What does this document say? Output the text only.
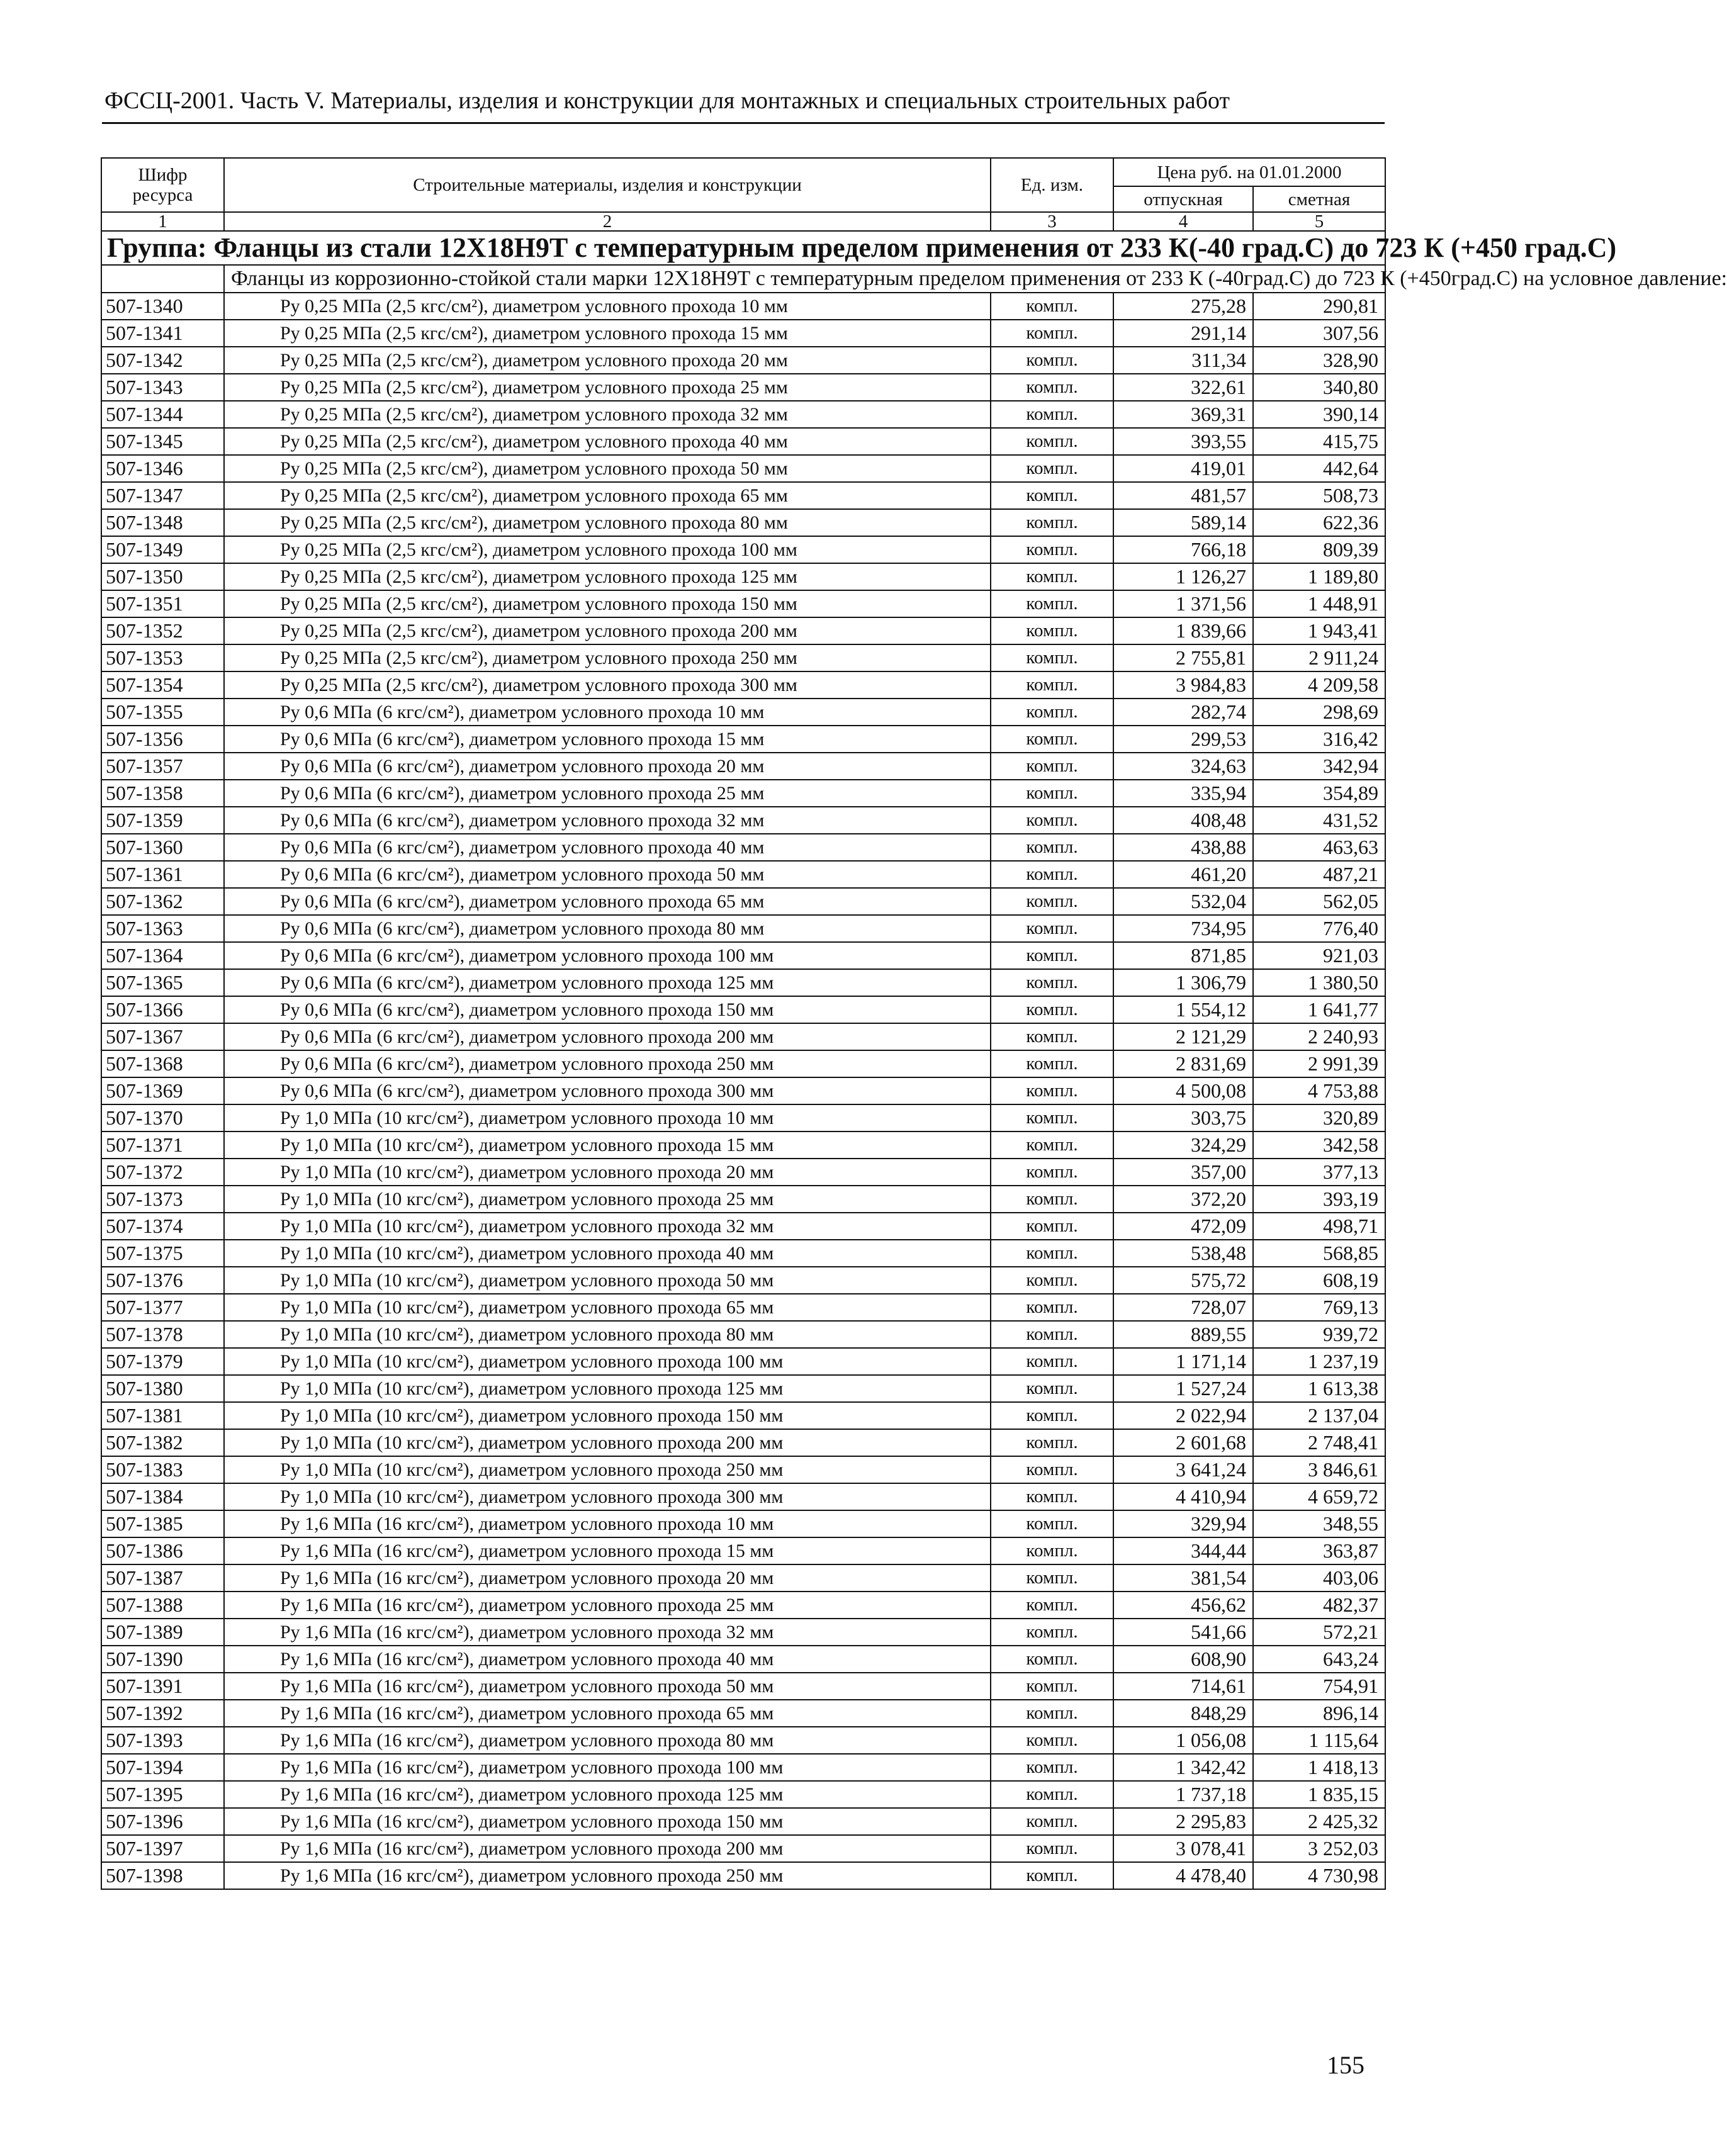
ФССЦ-2001. Часть V. Материалы, изделия и конструкции для монтажных и специальных строительных работ
Шифр ресурса	Строительные материалы, изделия и конструкции	Ед. изм.	Цена руб. на 01.01.2000	
			отпускная	сметная
1	2	3	4	5
Группа: Фланцы из стали 12Х18Н9Т с температурным пределом применения от 233 К(-40 град.С) до 723 К (+450 град.С)				
	Фланцы из коррозионно-стойкой стали марки 12Х18Н9Т с температурным пределом применения от 233 К (-40град.С) до 723 К (+450град.С) на условное давление:			
507-1340	Ру 0,25 МПа (2,5 кгс/см²), диаметром условного прохода 10 мм	компл.	275,28	290,81
507-1341	Ру 0,25 МПа (2,5 кгс/см²), диаметром условного прохода 15 мм	компл.	291,14	307,56
507-1342	Ру 0,25 МПа (2,5 кгс/см²), диаметром условного прохода 20 мм	компл.	311,34	328,90
507-1343	Ру 0,25 МПа (2,5 кгс/см²), диаметром условного прохода 25 мм	компл.	322,61	340,80
507-1344	Ру 0,25 МПа (2,5 кгс/см²), диаметром условного прохода 32 мм	компл.	369,31	390,14
507-1345	Ру 0,25 МПа (2,5 кгс/см²), диаметром условного прохода 40 мм	компл.	393,55	415,75
507-1346	Ру 0,25 МПа (2,5 кгс/см²), диаметром условного прохода 50 мм	компл.	419,01	442,64
507-1347	Ру 0,25 МПа (2,5 кгс/см²), диаметром условного прохода 65 мм	компл.	481,57	508,73
507-1348	Ру 0,25 МПа (2,5 кгс/см²), диаметром условного прохода 80 мм	компл.	589,14	622,36
507-1349	Ру 0,25 МПа (2,5 кгс/см²), диаметром условного прохода 100 мм	компл.	766,18	809,39
507-1350	Ру 0,25 МПа (2,5 кгс/см²), диаметром условного прохода 125 мм	компл.	1 126,27	1 189,80
507-1351	Ру 0,25 МПа (2,5 кгс/см²), диаметром условного прохода 150 мм	компл.	1 371,56	1 448,91
507-1352	Ру 0,25 МПа (2,5 кгс/см²), диаметром условного прохода 200 мм	компл.	1 839,66	1 943,41
507-1353	Ру 0,25 МПа (2,5 кгс/см²), диаметром условного прохода 250 мм	компл.	2 755,81	2 911,24
507-1354	Ру 0,25 МПа (2,5 кгс/см²), диаметром условного прохода 300 мм	компл.	3 984,83	4 209,58
507-1355	Ру 0,6 МПа (6 кгс/см²), диаметром условного прохода 10 мм	компл.	282,74	298,69
507-1356	Ру 0,6 МПа (6 кгс/см²), диаметром условного прохода 15 мм	компл.	299,53	316,42
507-1357	Ру 0,6 МПа (6 кгс/см²), диаметром условного прохода 20 мм	компл.	324,63	342,94
507-1358	Ру 0,6 МПа (6 кгс/см²), диаметром условного прохода 25 мм	компл.	335,94	354,89
507-1359	Ру 0,6 МПа (6 кгс/см²), диаметром условного прохода 32 мм	компл.	408,48	431,52
507-1360	Ру 0,6 МПа (6 кгс/см²), диаметром условного прохода 40 мм	компл.	438,88	463,63
507-1361	Ру 0,6 МПа (6 кгс/см²), диаметром условного прохода 50 мм	компл.	461,20	487,21
507-1362	Ру 0,6 МПа (6 кгс/см²), диаметром условного прохода 65 мм	компл.	532,04	562,05
507-1363	Ру 0,6 МПа (6 кгс/см²), диаметром условного прохода 80 мм	компл.	734,95	776,40
507-1364	Ру 0,6 МПа (6 кгс/см²), диаметром условного прохода 100 мм	компл.	871,85	921,03
507-1365	Ру 0,6 МПа (6 кгс/см²), диаметром условного прохода 125 мм	компл.	1 306,79	1 380,50
507-1366	Ру 0,6 МПа (6 кгс/см²), диаметром условного прохода 150 мм	компл.	1 554,12	1 641,77
507-1367	Ру 0,6 МПа (6 кгс/см²), диаметром условного прохода 200 мм	компл.	2 121,29	2 240,93
507-1368	Ру 0,6 МПа (6 кгс/см²), диаметром условного прохода 250 мм	компл.	2 831,69	2 991,39
507-1369	Ру 0,6 МПа (6 кгс/см²), диаметром условного прохода 300 мм	компл.	4 500,08	4 753,88
507-1370	Ру 1,0 МПа (10 кгс/см²), диаметром условного прохода 10 мм	компл.	303,75	320,89
507-1371	Ру 1,0 МПа (10 кгс/см²), диаметром условного прохода 15 мм	компл.	324,29	342,58
507-1372	Ру 1,0 МПа (10 кгс/см²), диаметром условного прохода 20 мм	компл.	357,00	377,13
507-1373	Ру 1,0 МПа (10 кгс/см²), диаметром условного прохода 25 мм	компл.	372,20	393,19
507-1374	Ру 1,0 МПа (10 кгс/см²), диаметром условного прохода 32 мм	компл.	472,09	498,71
507-1375	Ру 1,0 МПа (10 кгс/см²), диаметром условного прохода 40 мм	компл.	538,48	568,85
507-1376	Ру 1,0 МПа (10 кгс/см²), диаметром условного прохода 50 мм	компл.	575,72	608,19
507-1377	Ру 1,0 МПа (10 кгс/см²), диаметром условного прохода 65 мм	компл.	728,07	769,13
507-1378	Ру 1,0 МПа (10 кгс/см²), диаметром условного прохода 80 мм	компл.	889,55	939,72
507-1379	Ру 1,0 МПа (10 кгс/см²), диаметром условного прохода 100 мм	компл.	1 171,14	1 237,19
507-1380	Ру 1,0 МПа (10 кгс/см²), диаметром условного прохода 125 мм	компл.	1 527,24	1 613,38
507-1381	Ру 1,0 МПа (10 кгс/см²), диаметром условного прохода 150 мм	компл.	2 022,94	2 137,04
507-1382	Ру 1,0 МПа (10 кгс/см²), диаметром условного прохода 200 мм	компл.	2 601,68	2 748,41
507-1383	Ру 1,0 МПа (10 кгс/см²), диаметром условного прохода 250 мм	компл.	3 641,24	3 846,61
507-1384	Ру 1,0 МПа (10 кгс/см²), диаметром условного прохода 300 мм	компл.	4 410,94	4 659,72
507-1385	Ру 1,6 МПа (16 кгс/см²), диаметром условного прохода 10 мм	компл.	329,94	348,55
507-1386	Ру 1,6 МПа (16 кгс/см²), диаметром условного прохода 15 мм	компл.	344,44	363,87
507-1387	Ру 1,6 МПа (16 кгс/см²), диаметром условного прохода 20 мм	компл.	381,54	403,06
507-1388	Ру 1,6 МПа (16 кгс/см²), диаметром условного прохода 25 мм	компл.	456,62	482,37
507-1389	Ру 1,6 МПа (16 кгс/см²), диаметром условного прохода 32 мм	компл.	541,66	572,21
507-1390	Ру 1,6 МПа (16 кгс/см²), диаметром условного прохода 40 мм	компл.	608,90	643,24
507-1391	Ру 1,6 МПа (16 кгс/см²), диаметром условного прохода 50 мм	компл.	714,61	754,91
507-1392	Ру 1,6 МПа (16 кгс/см²), диаметром условного прохода 65 мм	компл.	848,29	896,14
507-1393	Ру 1,6 МПа (16 кгс/см²), диаметром условного прохода 80 мм	компл.	1 056,08	1 115,64
507-1394	Ру 1,6 МПа (16 кгс/см²), диаметром условного прохода 100 мм	компл.	1 342,42	1 418,13
507-1395	Ру 1,6 МПа (16 кгс/см²), диаметром условного прохода 125 мм	компл.	1 737,18	1 835,15
507-1396	Ру 1,6 МПа (16 кгс/см²), диаметром условного прохода 150 мм	компл.	2 295,83	2 425,32
507-1397	Ру 1,6 МПа (16 кгс/см²), диаметром условного прохода 200 мм	компл.	3 078,41	3 252,03
507-1398	Ру 1,6 МПа (16 кгс/см²), диаметром условного прохода 250 мм	компл.	4 478,40	4 730,98
155
